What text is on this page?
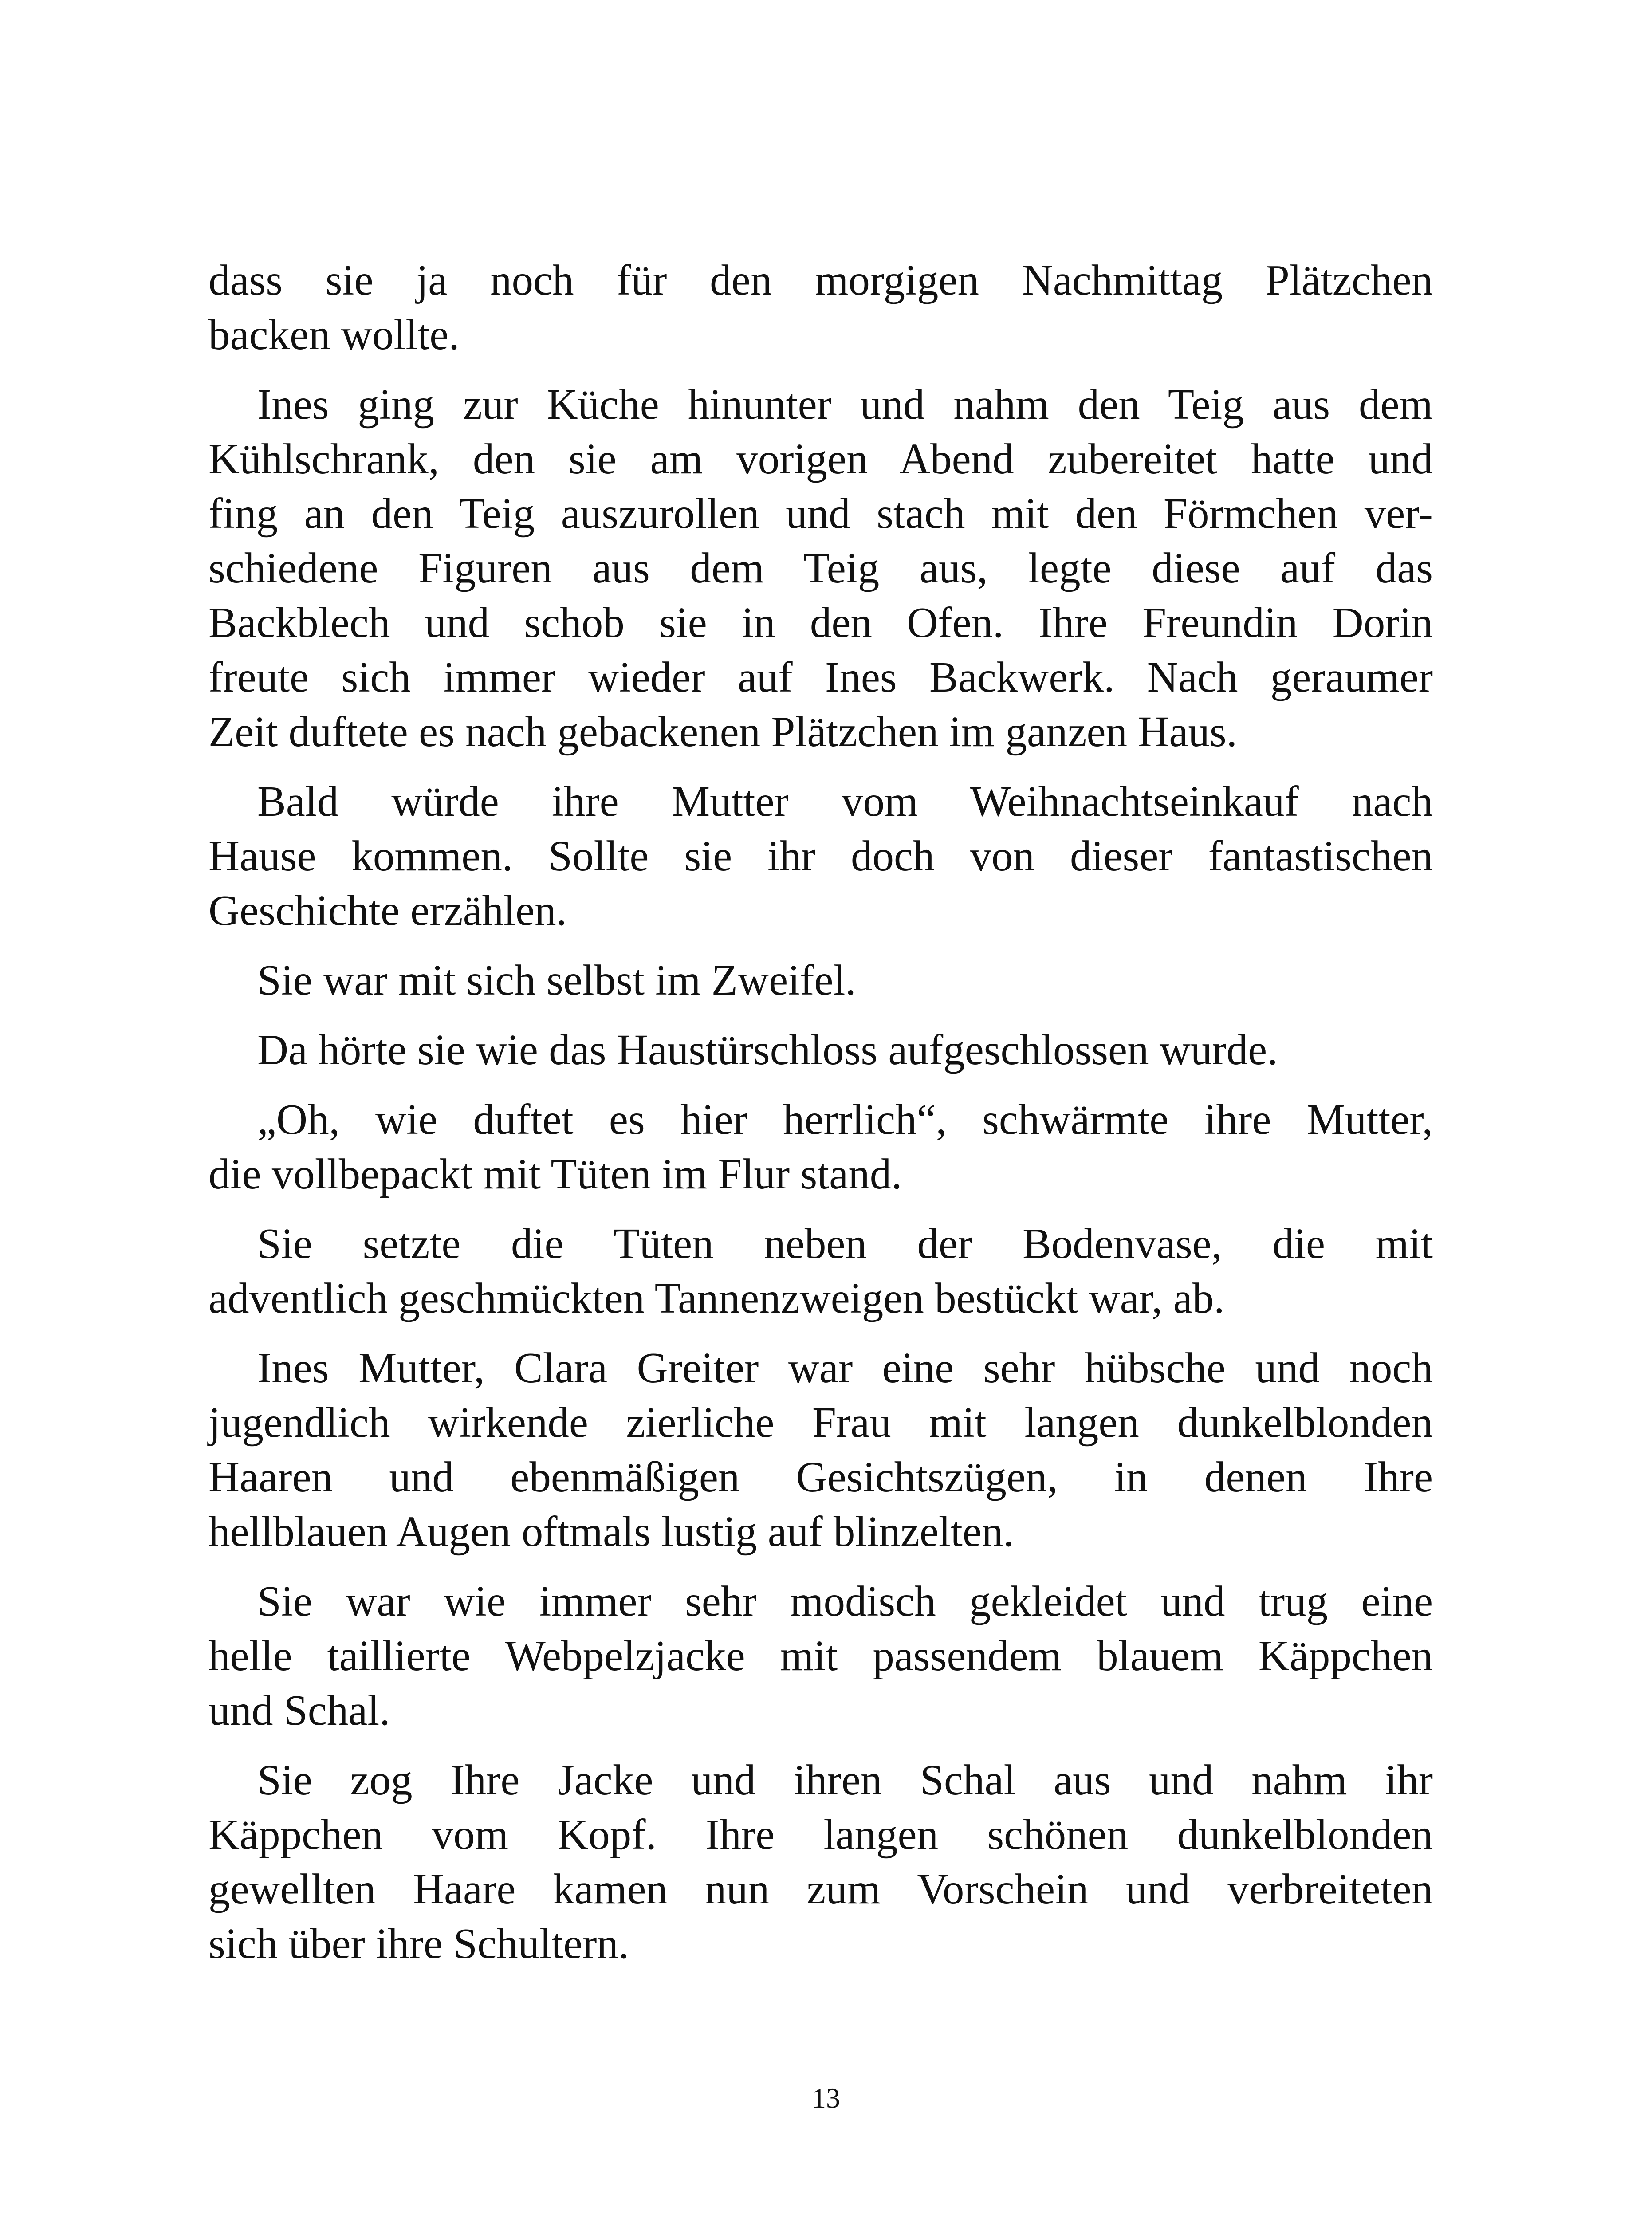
dass sie ja noch für den morgigen Nachmittag Plätzchen
backen wollte.
Ines ging zur Küche hinunter und nahm den Teig aus dem
Kühlschrank, den sie am vorigen Abend zubereitet hatte und
fing an den Teig auszurollen und stach mit den Förmchen ver-
schiedene Figuren aus dem Teig aus, legte diese auf das
Backblech und schob sie in den Ofen. Ihre Freundin Dorin
freute sich immer wieder auf Ines Backwerk. Nach geraumer
Zeit duftete es nach gebackenen Plätzchen im ganzen Haus.
Bald würde ihre Mutter vom Weihnachtseinkauf nach
Hause kommen. Sollte sie ihr doch von dieser fantastischen
Geschichte erzählen.
Sie war mit sich selbst im Zweifel.
Da hörte sie wie das Haustürschloss aufgeschlossen wurde.
„Oh, wie duftet es hier herrlich“, schwärmte ihre Mutter,
die vollbepackt mit Tüten im Flur stand.
Sie setzte die Tüten neben der Bodenvase, die mit
adventlich geschmückten Tannenzweigen bestückt war, ab.
Ines Mutter, Clara Greiter war eine sehr hübsche und noch
jugendlich wirkende zierliche Frau mit langen dunkelblonden
Haaren und ebenmäßigen Gesichtszügen, in denen Ihre
hellblauen Augen oftmals lustig auf blinzelten.
Sie war wie immer sehr modisch gekleidet und trug eine
helle taillierte Webpelzjacke mit passendem blauem Käppchen
und Schal.
Sie zog Ihre Jacke und ihren Schal aus und nahm ihr
Käppchen vom Kopf. Ihre langen schönen dunkelblonden
gewellten Haare kamen nun zum Vorschein und verbreiteten
sich über ihre Schultern.
13
